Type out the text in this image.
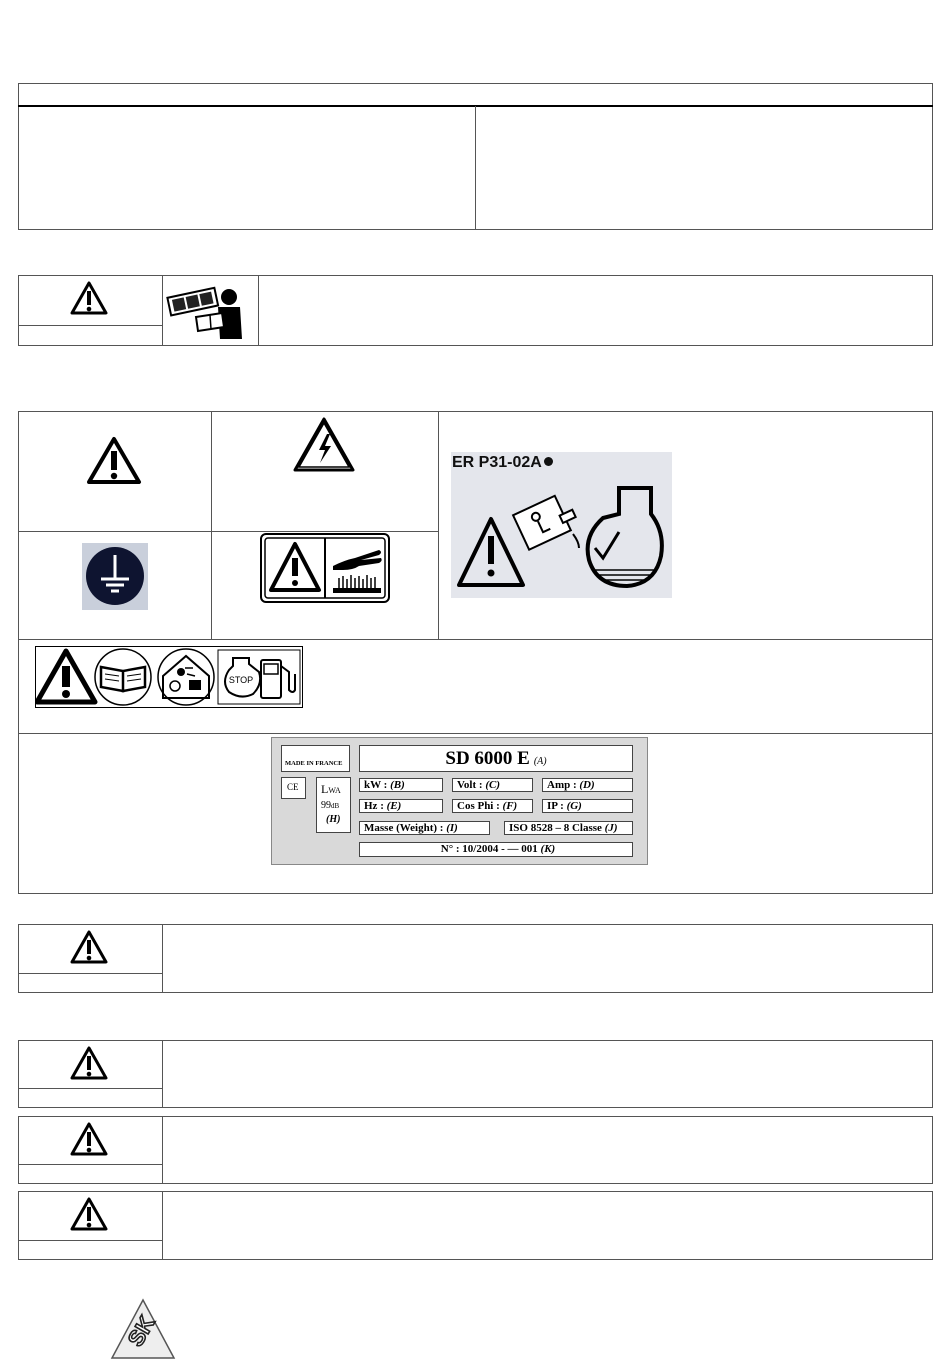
ER P31-02A
STOP
MADE IN FRANCE
CE LWA
99dB
(H)
SD 6000 E (A)
kW : (B)	Volt : (C)	Amp : (D)
Hz : (E)	Cos Phi : (F)	IP : (G)
Masse (Weight) : (I)	ISO 8528 – 8 Classe (J)
N° : 10/2004 - — 001 (K)
SK
